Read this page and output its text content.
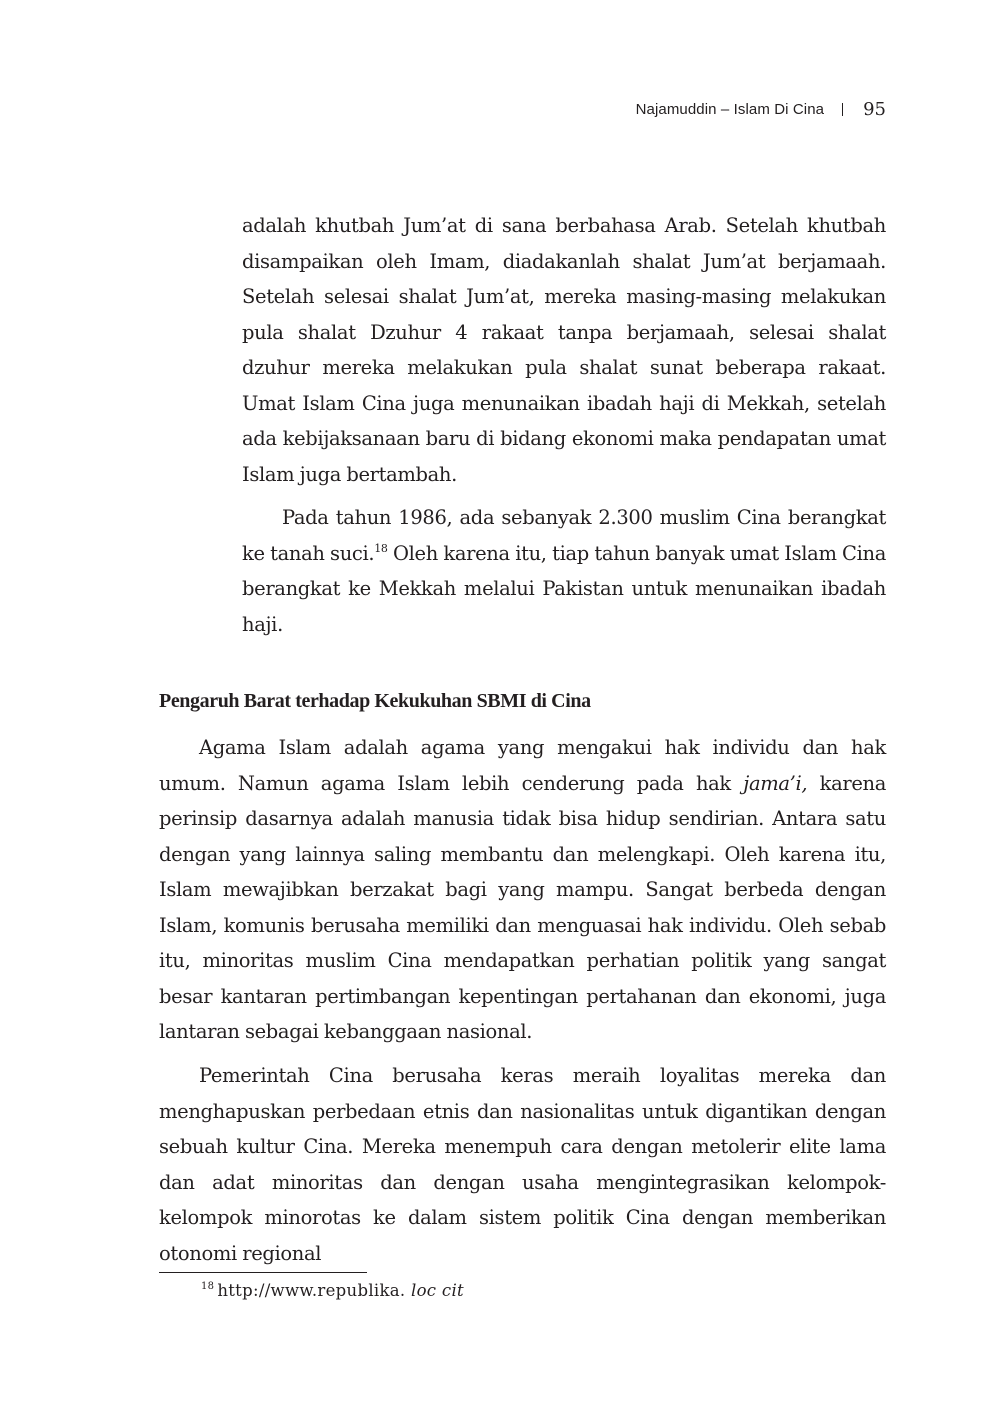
Najamuddin – Islam Di Cina 95

adalah khutbah Jum’at di sana berbahasa Arab. Setelah khutbah disampaikan oleh Imam, diadakanlah shalat Jum’at berjamaah. Setelah selesai shalat Jum’at, mereka masing-masing melakukan pula shalat Dzuhur 4 rakaat tanpa berjamaah, selesai shalat dzuhur mereka melakukan pula shalat sunat beberapa rakaat. Umat Islam Cina juga menunaikan ibadah haji di Mekkah, setelah ada kebijaksanaan baru di bidang ekonomi maka pendapatan umat Islam juga bertambah.

Pada tahun 1986, ada sebanyak 2.300 muslim Cina berangkat ke tanah suci.$^{18}$ Oleh karena itu, tiap tahun banyak umat Islam Cina berangkat ke Mekkah melalui Pakistan untuk menunaikan ibadah haji.

Pengaruh Barat terhadap Kekukuhan SBMI di Cina

Agama Islam adalah agama yang mengakui hak individu dan hak umum. Namun agama Islam lebih cenderung pada hak jama’i, karena perinsip dasarnya adalah manusia tidak bisa hidup sendirian. Antara satu dengan yang lainnya saling membantu dan melengkapi. Oleh karena itu, Islam mewajibkan berzakat bagi yang mampu. Sangat berbeda dengan Islam, komunis berusaha memiliki dan menguasai hak individu. Oleh sebab itu, minoritas muslim Cina mendapatkan perhatian politik yang sangat besar kantaran pertimbangan kepentingan pertahanan dan ekonomi, juga lantaran sebagai kebanggaan nasional.

Pemerintah Cina berusaha keras meraih loyalitas mereka dan menghapuskan perbedaan etnis dan nasionalitas untuk digantikan dengan sebuah kultur Cina. Mereka menempuh cara dengan metolerir elite lama dan adat minoritas dan dengan usaha mengintegrasikan kelompok-kelompok minorotas ke dalam sistem politik Cina dengan memberikan otonomi regional

$^{18}$ http://www.republika. loc cit
